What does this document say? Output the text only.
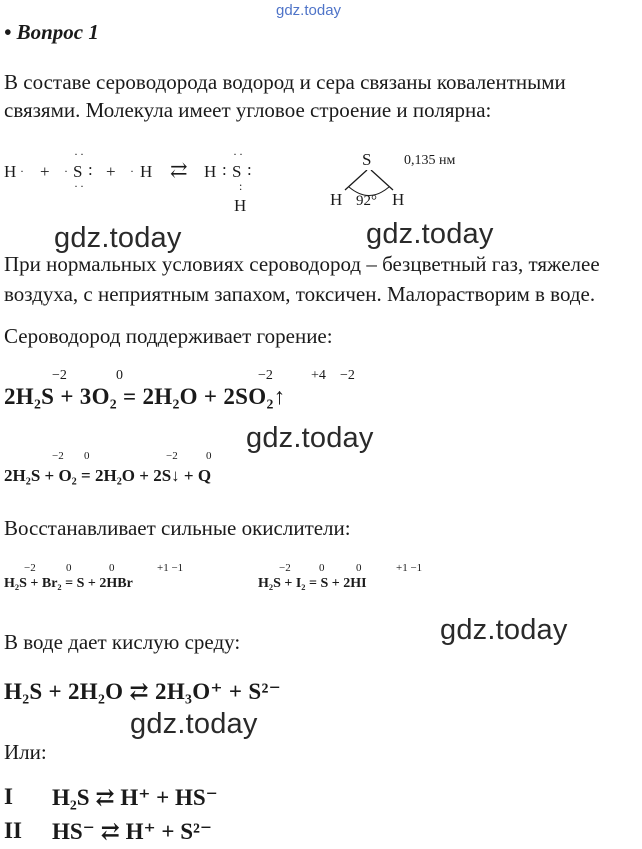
gdz.today
• Вопрос 1
В составе сероводорода водород и сера связаны ковалентными
связями. Молекула имеет угловое строение и полярна:
H · + · S
··
··
: + · H ⇄ H : S
··
:
:
H
S
H 92° H
0,135 нм
gdz.today	gdz.today
При нормальных условиях сероводород – безцветный газ, тяжелее
воздуха, с неприятным запахом, токсичен. Малорастворим в воде.
Сероводород поддерживает горение:
−2	0	−2	+4 −2
2H₂S + 3O₂ = 2H₂O + 2SO₂↑
gdz.today
−2 0	−2	0
2H₂S + O₂ = 2H₂O + 2S↓ + Q
Восстанавливает сильные окислители:
−2	0	0	+1 −1
H₂S + Br₂ = S + 2HBr
−2	0	0	+1 −1
H₂S + I₂ = S + 2HI
gdz.today
В воде дает кислую среду:
H₂S + 2H₂O ⇄ 2H₃O⁺ + S²⁻
gdz.today
Или:
I H₂S ⇄ H⁺ + HS⁻
II HS⁻ ⇄ H⁺ + S²⁻
